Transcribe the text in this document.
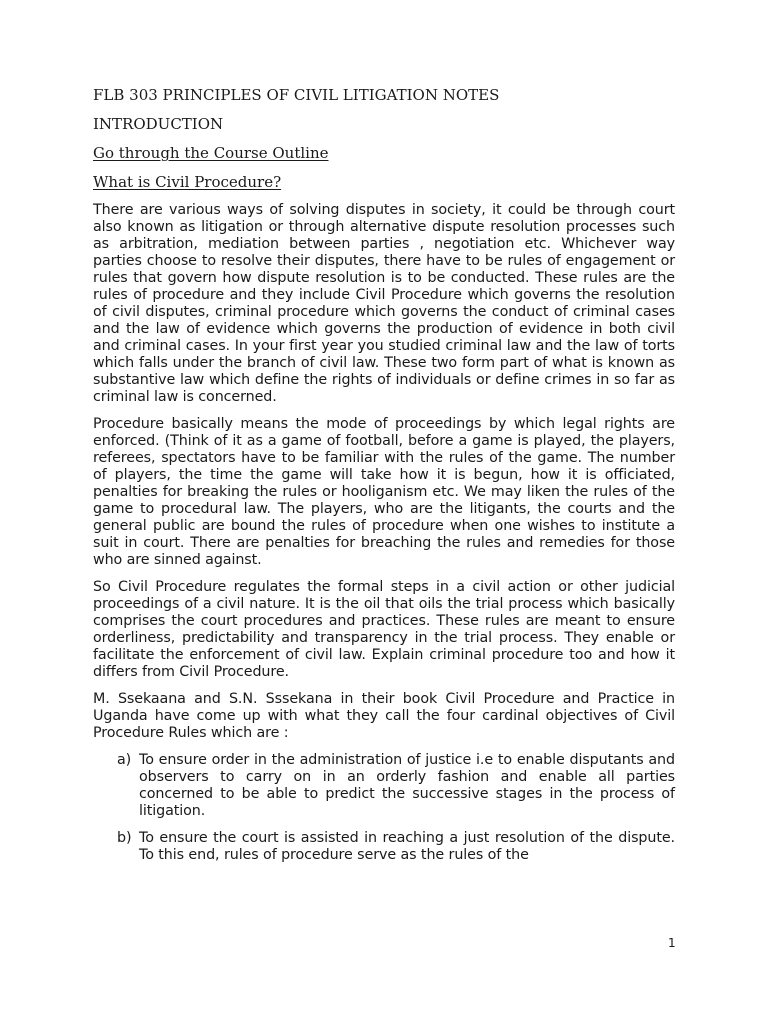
FLB 303 PRINCIPLES OF CIVIL LITIGATION NOTES
INTRODUCTION
Go through the Course Outline
What is Civil Procedure?

There are various ways of solving disputes in society, it could be through court also known as litigation or through alternative dispute resolution processes such as arbitration, mediation between parties , negotiation etc. Whichever way parties choose to resolve their disputes, there have to be rules of engagement or rules that govern how dispute resolution is to be conducted. These rules are the rules of procedure and they include Civil Procedure which governs the resolution of civil disputes, criminal procedure which governs the conduct of criminal cases and the law of evidence which governs the production of evidence in both civil and criminal cases. In your first year you studied criminal law and the law of torts which falls under the branch of civil law. These two form part of what is known as substantive law which define the rights of individuals or define crimes in so far as criminal law is concerned.

Procedure basically means the mode of proceedings by which legal rights are enforced. (Think of it as a game of football, before a game is played, the players, referees, spectators have to be familiar with the rules of the game. The number of players, the time the game will take how it is begun, how it is officiated, penalties for breaking the rules or hooliganism etc. We may liken the rules of the game to procedural law. The players, who are the litigants, the courts and the general public are bound the rules of procedure when one wishes to institute a suit in court. There are penalties for breaching the rules and remedies for those who are sinned against.

So Civil Procedure regulates the formal steps in a civil action or other judicial proceedings of a civil nature. It is the oil that oils the trial process which basically comprises the court procedures and practices. These rules are meant to ensure orderliness, predictability and transparency in the trial process. They enable or facilitate the enforcement of civil law. Explain criminal procedure too and how it differs from Civil Procedure.

M. Ssekaana and S.N. Sssekana in their book Civil Procedure and Practice in Uganda have come up with what they call the four cardinal objectives of Civil Procedure Rules which are :

a) To ensure order in the administration of justice i.e to enable disputants and observers to carry on in an orderly fashion and enable all parties concerned to be able to predict the successive stages in the process of litigation.
b) To ensure the court is assisted in reaching a just resolution of the dispute. To this end, rules of procedure serve as the rules of the
1
